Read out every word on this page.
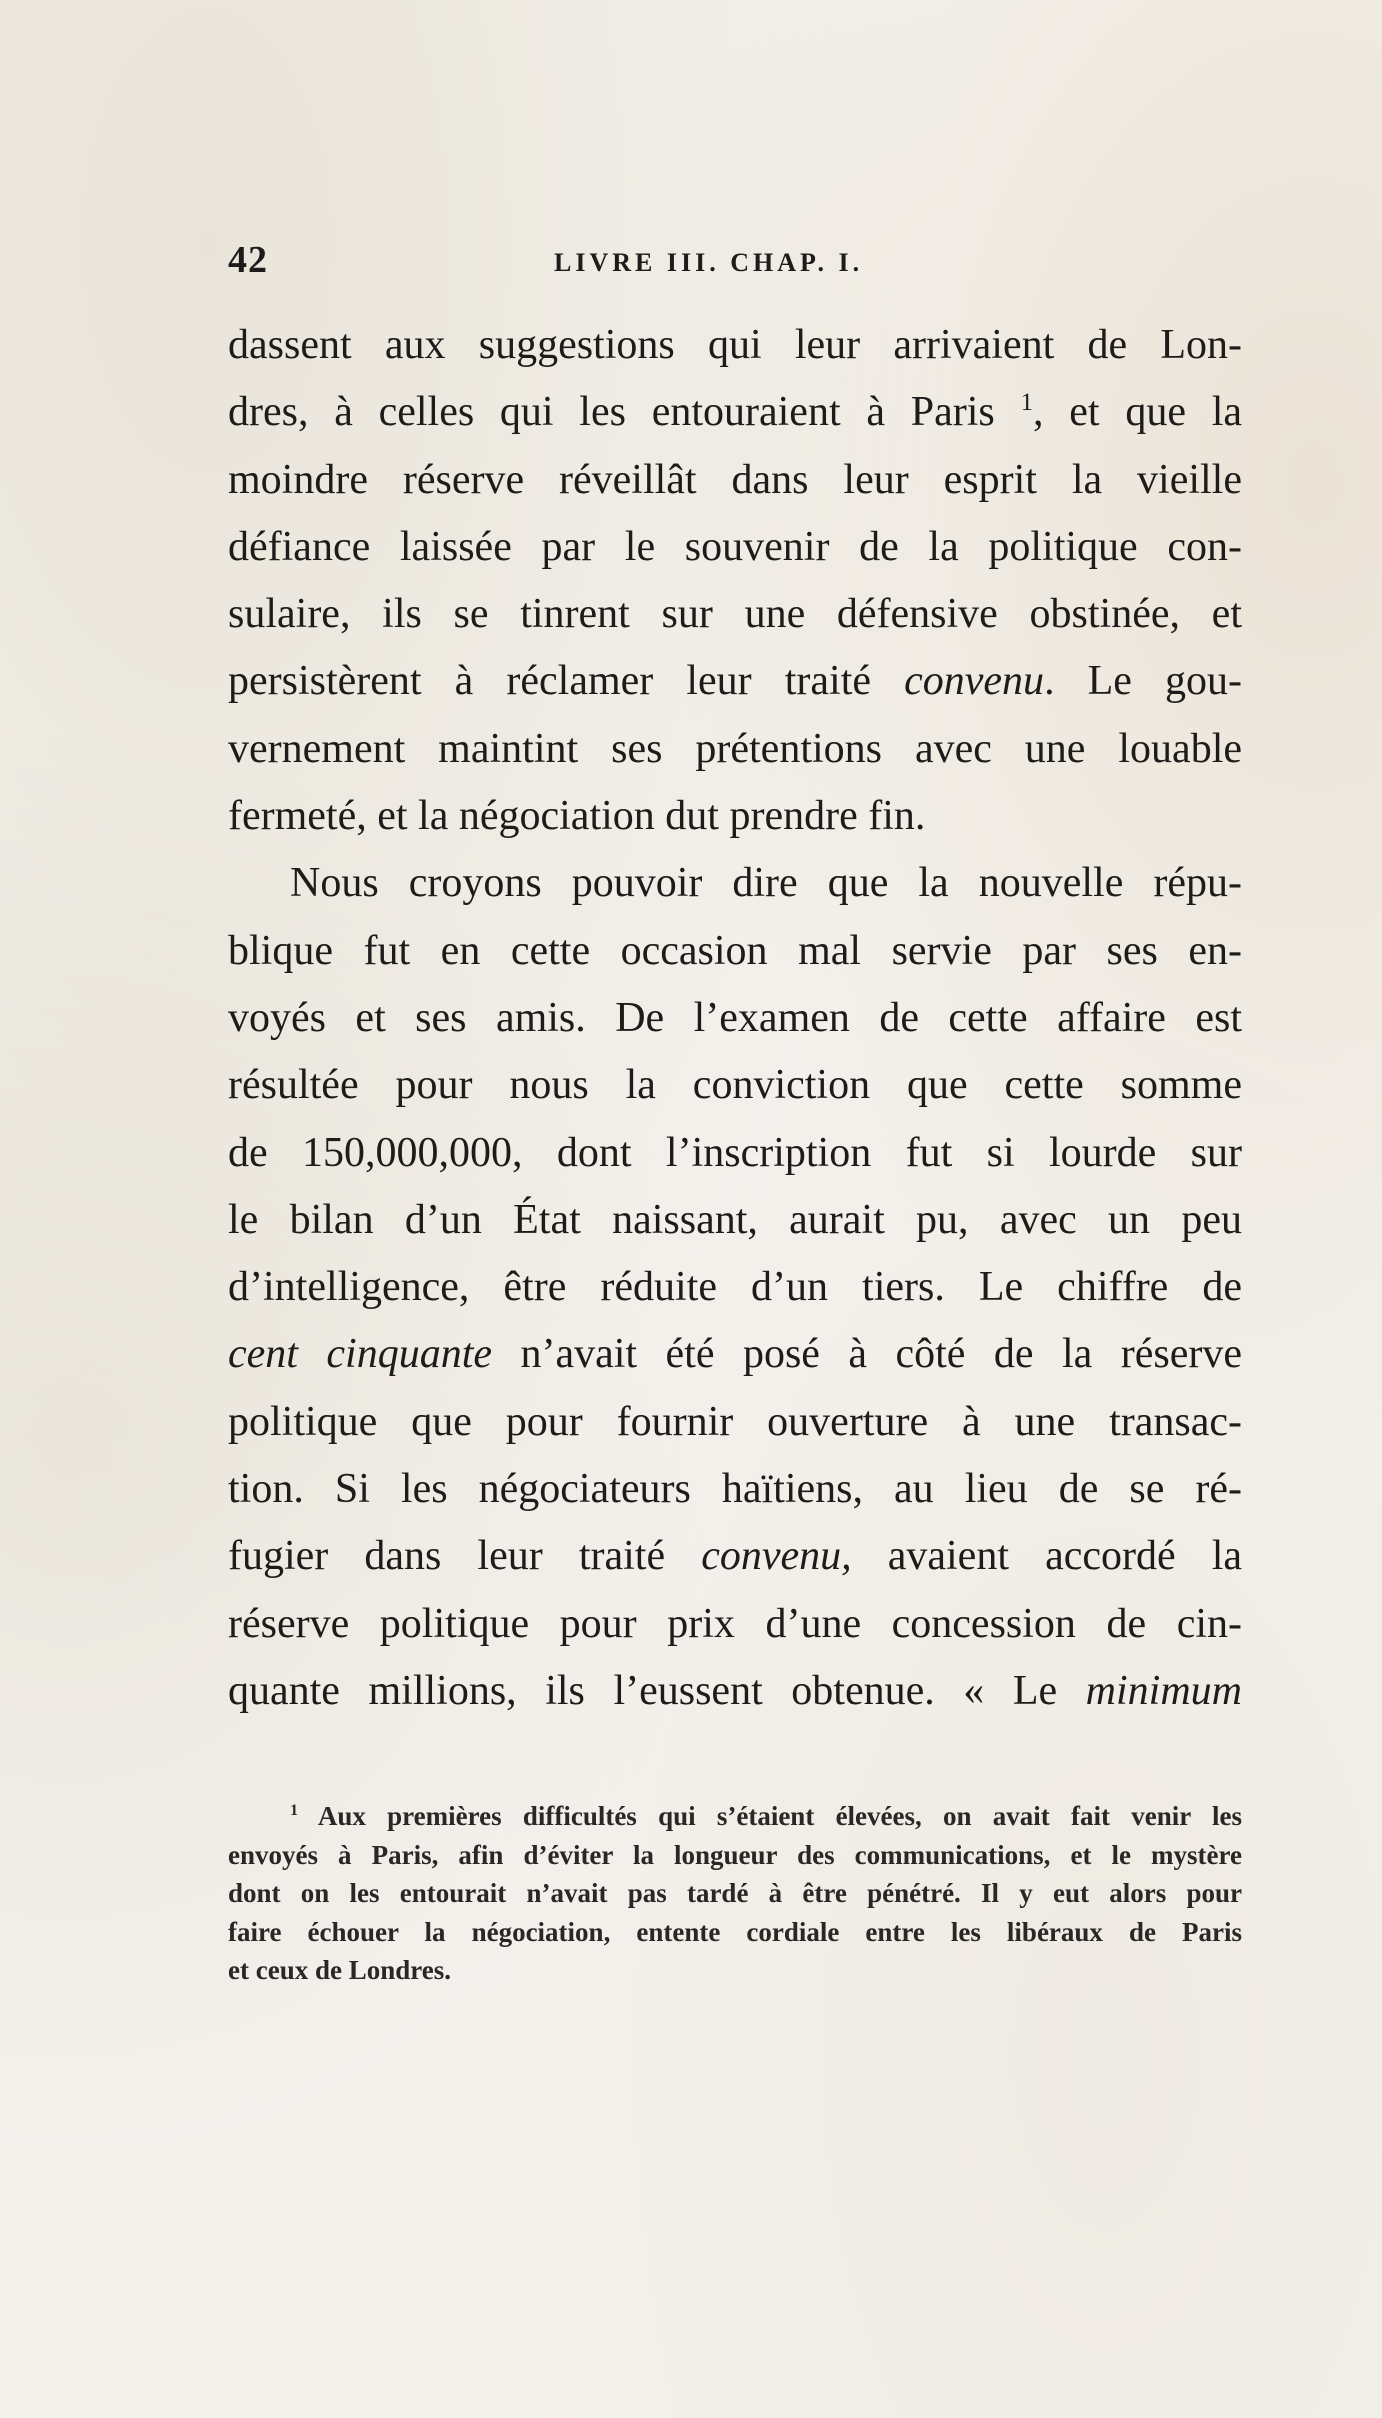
42	LIVRE III. CHAP. I.
dassent aux suggestions qui leur arrivaient de Lon-
dres, à celles qui les entouraient à Paris $^1$, et que la
moindre réserve réveillât dans leur esprit la vieille
défiance laissée par le souvenir de la politique con-
sulaire, ils se tinrent sur une défensive obstinée, et
persistèrent à réclamer leur traité convenu. Le gou-
vernement maintint ses prétentions avec une louable
fermeté, et la négociation dut prendre fin.
Nous croyons pouvoir dire que la nouvelle répu-
blique fut en cette occasion mal servie par ses en-
voyés et ses amis. De l’examen de cette affaire est
résultée pour nous la conviction que cette somme
de 150,000,000, dont l’inscription fut si lourde sur
le bilan d’un État naissant, aurait pu, avec un peu
d’intelligence, être réduite d’un tiers. Le chiffre de
cent cinquante n’avait été posé à côté de la réserve
politique que pour fournir ouverture à une transac-
tion. Si les négociateurs haïtiens, au lieu de se ré-
fugier dans leur traité convenu, avaient accordé la
réserve politique pour prix d’une concession de cin-
quante millions, ils l’eussent obtenue. « Le minimum
$^1$ Aux premières difficultés qui s’étaient élevées, on avait fait venir les
envoyés à Paris, afin d’éviter la longueur des communications, et le mystère
dont on les entourait n’avait pas tardé à être pénétré. Il y eut alors pour
faire échouer la négociation, entente cordiale entre les libéraux de Paris
et ceux de Londres.
